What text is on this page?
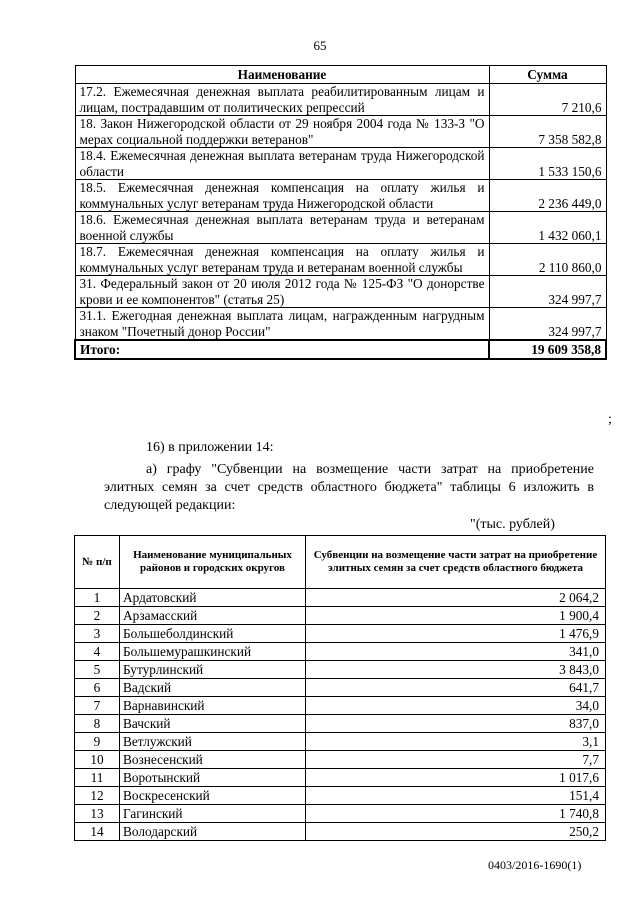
65
Наименование	Сумма
17.2. Ежемесячная денежная выплата реабилитированным лицам и лицам, пострадавшим от политических репрессий	7 210,6
18. Закон Нижегородской области от 29 ноября 2004 года № 133-З "О мерах социальной поддержки ветеранов"	7 358 582,8
18.4. Ежемесячная денежная выплата ветеранам труда Нижегородской области	1 533 150,6
18.5. Ежемесячная денежная компенсация на оплату жилья и коммунальных услуг ветеранам труда Нижегородской области	2 236 449,0
18.6. Ежемесячная денежная выплата ветеранам труда и ветеранам военной службы	1 432 060,1
18.7. Ежемесячная денежная компенсация на оплату жилья и коммунальных услуг ветеранам труда и ветеранам военной службы	2 110 860,0
31. Федеральный закон от 20 июля 2012 года № 125-ФЗ "О донорстве крови и ее компонентов" (статья 25)	324 997,7
31.1. Ежегодная денежная выплата лицам, награжденным нагрудным знаком "Почетный донор России"	324 997,7
Итого:	19 609 358,8
;
16) в приложении 14:
а) графу "Субвенции на возмещение части затрат на приобретение элитных семян за счет средств областного бюджета" таблицы 6 изложить в следующей редакции:
"(тыс. рублей)
№ п/п	Наименование муниципальных районов и городских округов	Субвенции на возмещение части затрат на приобретение элитных семян за счет средств областного бюджета
1	Ардатовский	2 064,2
2	Арзамасский	1 900,4
3	Большеболдинский	1 476,9
4	Большемурашкинский	341,0
5	Бутурлинский	3 843,0
6	Вадский	641,7
7	Варнавинский	34,0
8	Вачский	837,0
9	Ветлужский	3,1
10	Вознесенский	7,7
11	Воротынский	1 017,6
12	Воскресенский	151,4
13	Гагинский	1 740,8
14	Володарский	250,2
0403/2016-1690(1)
